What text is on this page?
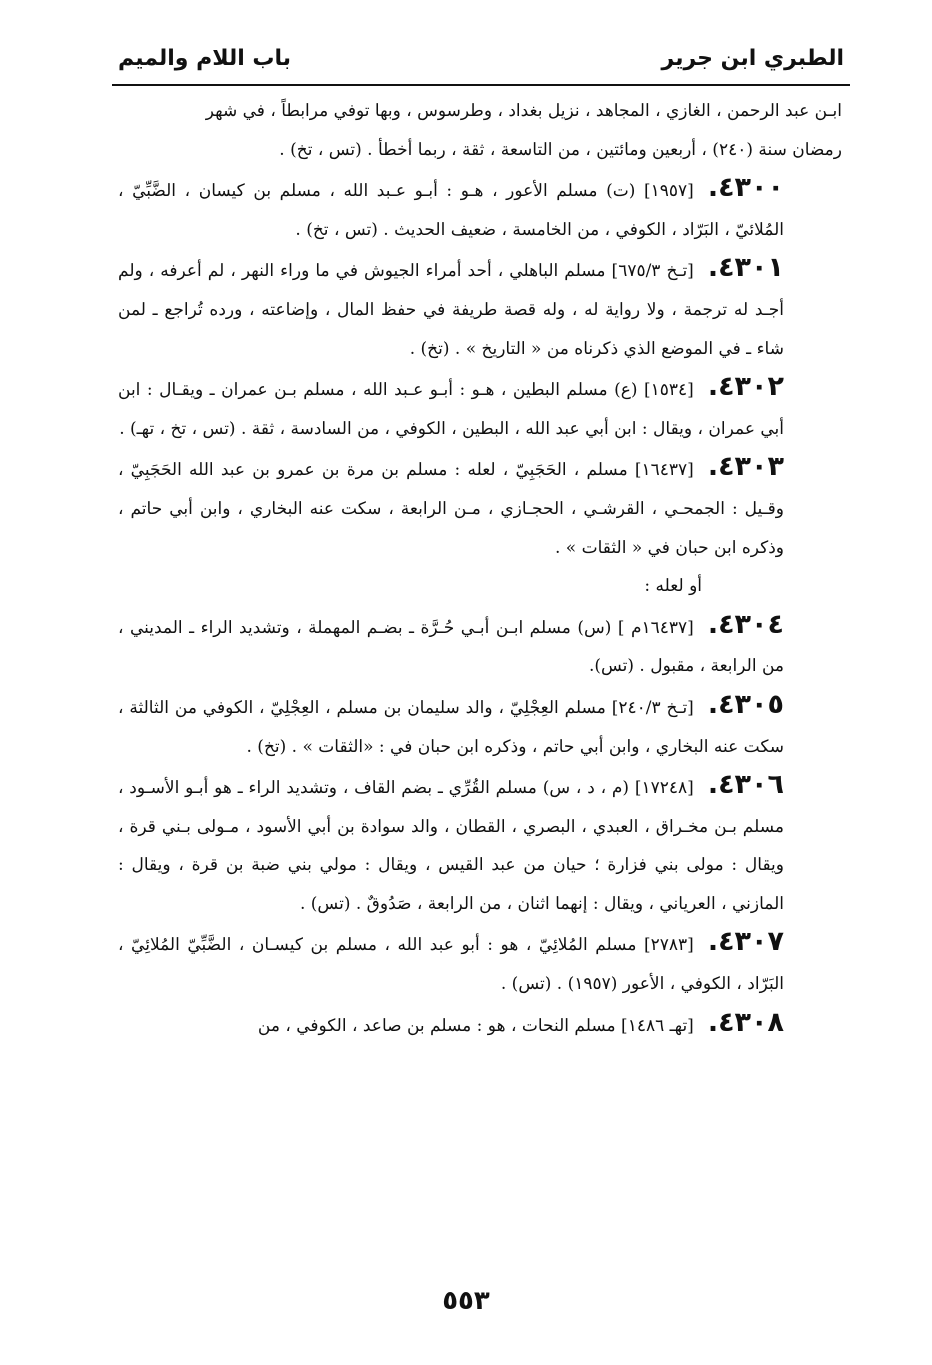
الطبري ابن جرير
باب اللام والميم

ابـن عبد الرحمن ، الغازي ، المجاهد ، نزيل بغداد ، وطرسوس ، وبها توفي مرابطاً ، في شهر

رمضان سنة (٢٤٠) ، أربعين ومائتين ، من التاسعة ، ثقة ، ربما أخطأ . (تس ، تخ) .

٤٣٠٠.[١٩٥٧] (ت) مسلم الأعور ، هـو : أبـو عـبد الله ، مسلم بن كيسان ، الضَّبِّيّ ، المُلائيّ ، البَرّاد ، الكوفي ، من الخامسة ، ضعيف الحديث . (تس ، تخ) .

٤٣٠١.[تـخ ٦٧٥/٣] مسلم الباهلي ، أحد أمراء الجيوش في ما وراء النهر ، لم أعرفه ، ولم أجـد له ترجمة ، ولا رواية له ، وله قصة طريفة في حفظ المال ، وإضاعته ، ورده تُراجع ـ لمن شاء ـ في الموضع الذي ذكرناه من « التاريخ » . (تخ) .

٤٣٠٢.[١٥٣٤] (ع) مسلم البطين ، هـو : أبـو عـبد الله ، مسلم بـن عمران ـ ويقـال : ابن أبي عمران ، ويقال : ابن أبي عبد الله ، البطين ، الكوفي ، من السادسة ، ثقة . (تس ، تخ ، تهـ) .

٤٣٠٣.[١٦٤٣٧] مسلم ، الحَجَبِيّ ، لعله : مسلم بن مرة بن عمرو بن عبد الله الحَجَبِيّ ، وقـيل : الجمحـي ، القرشـي ، الحجـازي ، مـن الرابعة ، سكت عنه البخاري ، وابن أبي حاتم ، وذكره ابن حبان في « الثقات » .

أو لعله :

٤٣٠٤.[١٦٤٣٧م ] (س) مسلم ابـن أبـي حُـرَّة ـ بضـم المهملة ، وتشديد الراء ـ المديني ، من الرابعة ، مقبول . (تس).

٤٣٠٥.[تـخ ٢٤٠/٣] مسلم العِجْلِيّ ، والد سليمان بن مسلم ، العِجْلِيّ ، الكوفي من الثالثة ، سكت عنه البخاري ، وابن أبي حاتم ، وذكره ابن حبان في : «الثقات » . (تخ) .

٤٣٠٦.[١٧٢٤٨] (م ، د ، س) مسلم القُرِّي ـ بضم القاف ، وتشديد الراء ـ هو أبـو الأسـود ، مسلم بـن مخـراق ، العبدي ، البصري ، القطان ، والد سوادة بن أبي الأسود ، مـولى بـني قرة ، ويقال : مولى بني فزارة ؛ حيان من عبد القيس ، ويقال : مولي بني ضبة بن قرة ، ويقال : المازني ، العرياني ، ويقال : إنهما اثنان ، من الرابعة ، صَدُوقٌ . (تس) .

٤٣٠٧.[٢٧٨٣] مسلم المُلائِيّ ، هو : أبو عبد الله ، مسلم بن كيسـان ، الضَّبِّيّ المُلائِيّ ، البَرّاد ، الكوفي ، الأعور (١٩٥٧) . (تس) .

٤٣٠٨.[تهـ ١٤٨٦] مسلم النحات ، هو : مسلم بن صاعد ، الكوفي ، من

٥٥٣
